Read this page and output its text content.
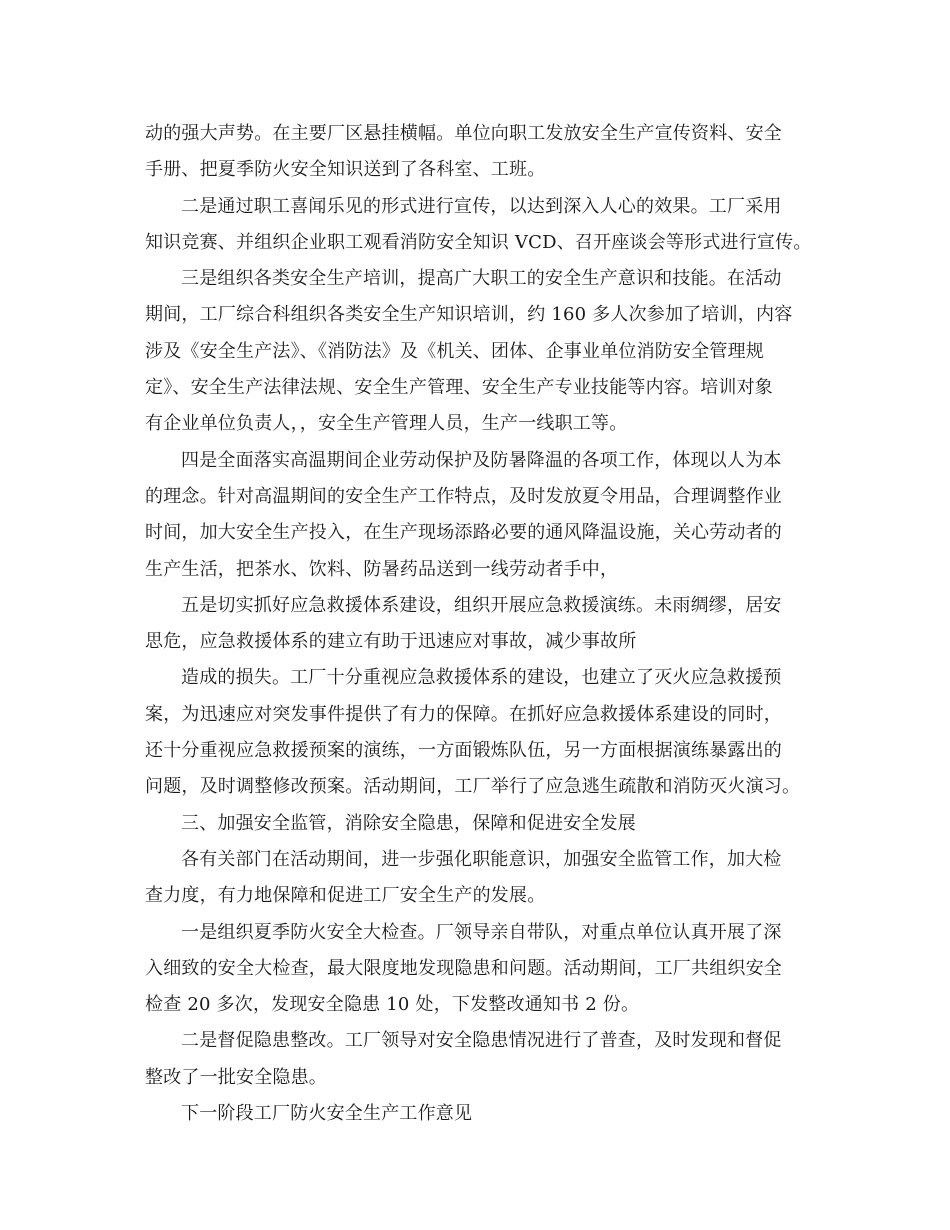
动的强大声势。在主要厂区悬挂横幅。单位向职工发放安全生产宣传资料、安全
手册、把夏季防火安全知识送到了各科室、工班。
二是通过职工喜闻乐见的形式进行宣传，以达到深入人心的效果。工厂采用
知识竞赛、并组织企业职工观看消防安全知识 VCD、召开座谈会等形式进行宣传。
三是组织各类安全生产培训，提高广大职工的安全生产意识和技能。在活动
期间，工厂综合科组织各类安全生产知识培训，约 160 多人次参加了培训，内容
涉及《安全生产法》、《消防法》及《机关、团体、企事业单位消防安全管理规
定》、安全生产法律法规、安全生产管理、安全生产专业技能等内容。培训对象
有企业单位负责人，，安全生产管理人员，生产一线职工等。
四是全面落实高温期间企业劳动保护及防暑降温的各项工作，体现以人为本
的理念。针对高温期间的安全生产工作特点，及时发放夏令用品，合理调整作业
时间，加大安全生产投入，在生产现场添路必要的通风降温设施，关心劳动者的
生产生活，把茶水、饮料、防暑药品送到一线劳动者手中，
五是切实抓好应急救援体系建设，组织开展应急救援演练。未雨绸缪，居安
思危，应急救援体系的建立有助于迅速应对事故，减少事故所
造成的损失。工厂十分重视应急救援体系的建设，也建立了灭火应急救援预
案，为迅速应对突发事件提供了有力的保障。在抓好应急救援体系建设的同时，
还十分重视应急救援预案的演练，一方面锻炼队伍，另一方面根据演练暴露出的
问题，及时调整修改预案。活动期间，工厂举行了应急逃生疏散和消防灭火演习。
三、加强安全监管，消除安全隐患，保障和促进安全发展
各有关部门在活动期间，进一步强化职能意识，加强安全监管工作，加大检
查力度，有力地保障和促进工厂安全生产的发展。
一是组织夏季防火安全大检查。厂领导亲自带队，对重点单位认真开展了深
入细致的安全大检查，最大限度地发现隐患和问题。活动期间，工厂共组织安全
检查 20 多次，发现安全隐患 10 处，下发整改通知书 2 份。
二是督促隐患整改。工厂领导对安全隐患情况进行了普查，及时发现和督促
整改了一批安全隐患。
下一阶段工厂防火安全生产工作意见
